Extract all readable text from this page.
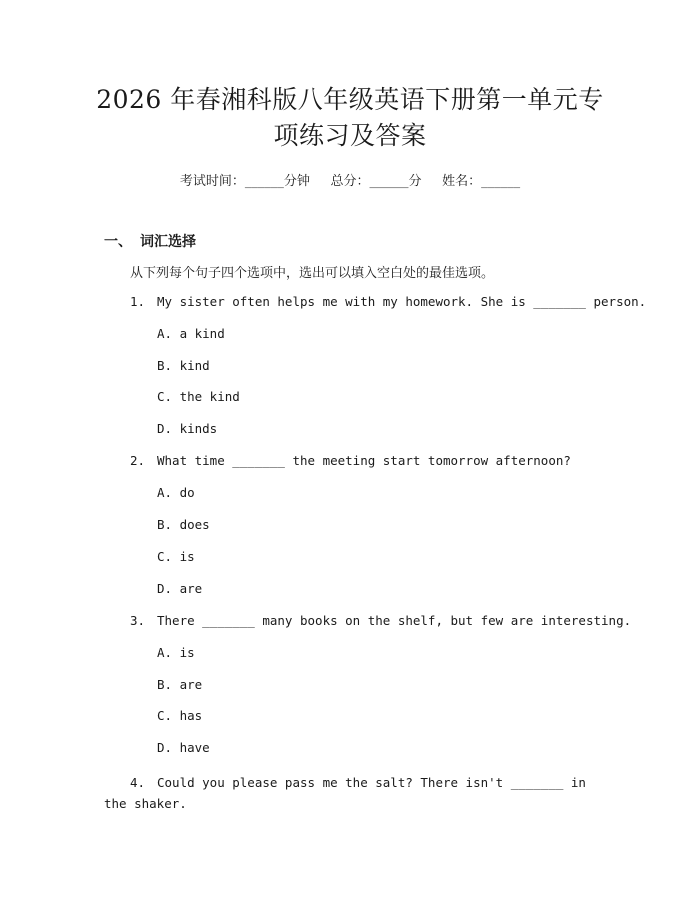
2026 年春湘科版八年级英语下册第一单元专
项练习及答案
考试时间：______分钟     总分：______分     姓名：______
一、 词汇选择
从下列每个句子四个选项中，选出可以填入空白处的最佳选项。
1. My sister often helps me with my homework. She is _______ person.
A. a kind
B. kind
C. the kind
D. kinds
2. What time _______ the meeting start tomorrow afternoon?
A. do
B. does
C. is
D. are
3. There _______ many books on the shelf, but few are interesting.
A. is
B. are
C. has
D. have
4. Could you please pass me the salt? There isn't _______ in the shaker.
